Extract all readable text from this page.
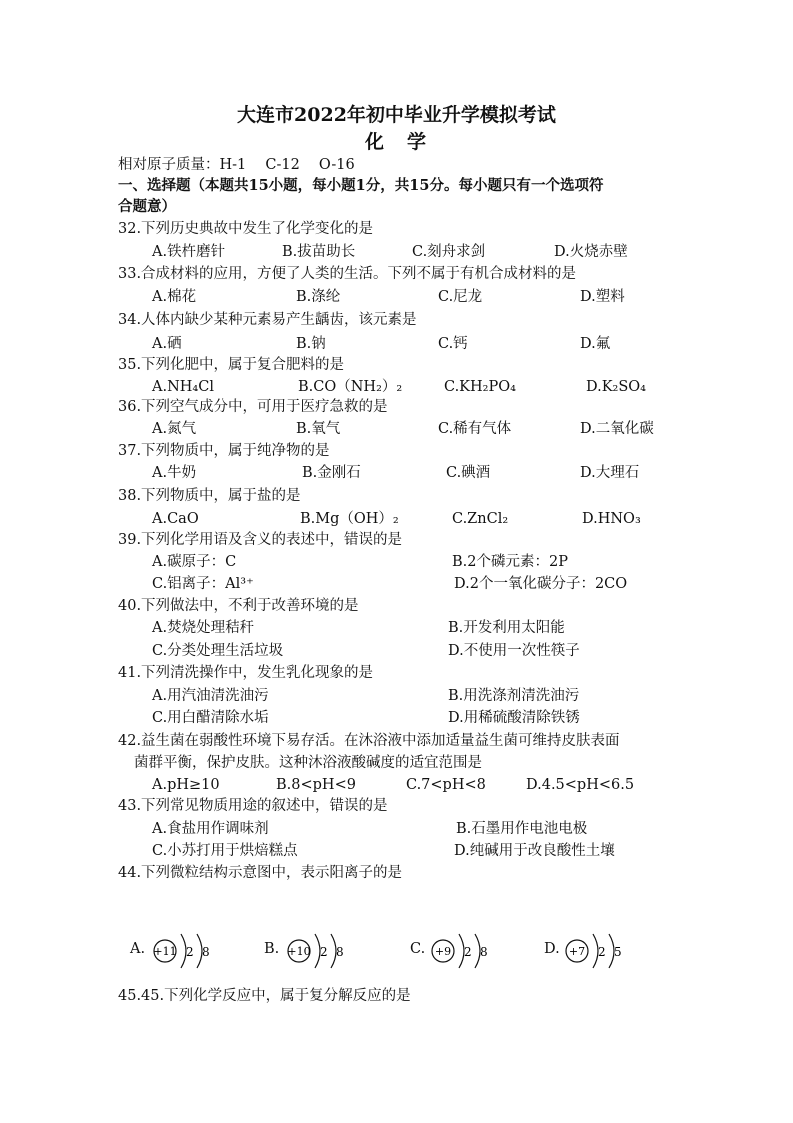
大连市2022年初中毕业升学模拟考试
化　学
相对原子质量：H-1　 C-12　 O-16
一、选择题（本题共15小题，每小题1分，共15分。每小题只有一个选项符
合题意）
32.下列历史典故中发生了化学变化的是
A.铁杵磨针	B.拔苗助长	C.刻舟求剑	D.火烧赤壁
33.合成材料的应用，方便了人类的生活。下列不属于有机合成材料的是
A.棉花	B.涤纶	C.尼龙	D.塑料
34.人体内缺少某种元素易产生龋齿，该元素是
A.硒	B.钠	C.钙	D.氟
35.下列化肥中，属于复合肥料的是
A.NH₄Cl	B.CO（NH₂）₂	C.KH₂PO₄	D.K₂SO₄
36.下列空气成分中，可用于医疗急救的是
A.氮气	B.氧气	C.稀有气体	D.二氧化碳
37.下列物质中，属于纯净物的是
A.牛奶	B.金刚石	C.碘酒	D.大理石
38.下列物质中，属于盐的是
A.CaO	B.Mg（OH）₂	C.ZnCl₂	D.HNO₃
39.下列化学用语及含义的表述中，错误的是
A.碳原子：C	B.2个磷元素：2P
C.铝离子：Al³⁺	D.2个一氧化碳分子：2CO
40.下列做法中，不利于改善环境的是
A.焚烧处理秸秆	B.开发利用太阳能
C.分类处理生活垃圾	D.不使用一次性筷子
41.下列清洗操作中，发生乳化现象的是
A.用汽油清洗油污	B.用洗涤剂清洗油污
C.用白醋清除水垢	D.用稀硫酸清除铁锈
42.益生菌在弱酸性环境下易存活。在沐浴液中添加适量益生菌可维持皮肤表面
菌群平衡，保护皮肤。这种沐浴液酸碱度的适宜范围是
A.pH≥10	B.8<pH<9	C.7<pH<8	D.4.5<pH<6.5
43.下列常见物质用途的叙述中，错误的是
A.食盐用作调味剂	B.石墨用作电池电极
C.小苏打用于烘焙糕点	D.纯碱用于改良酸性土壤
44.下列微粒结构示意图中，表示阳离子的是
A. +11 2 8	B. +10 2 8	C. +9 2 8	D. +7 2 5
45.45.下列化学反应中，属于复分解反应的是
